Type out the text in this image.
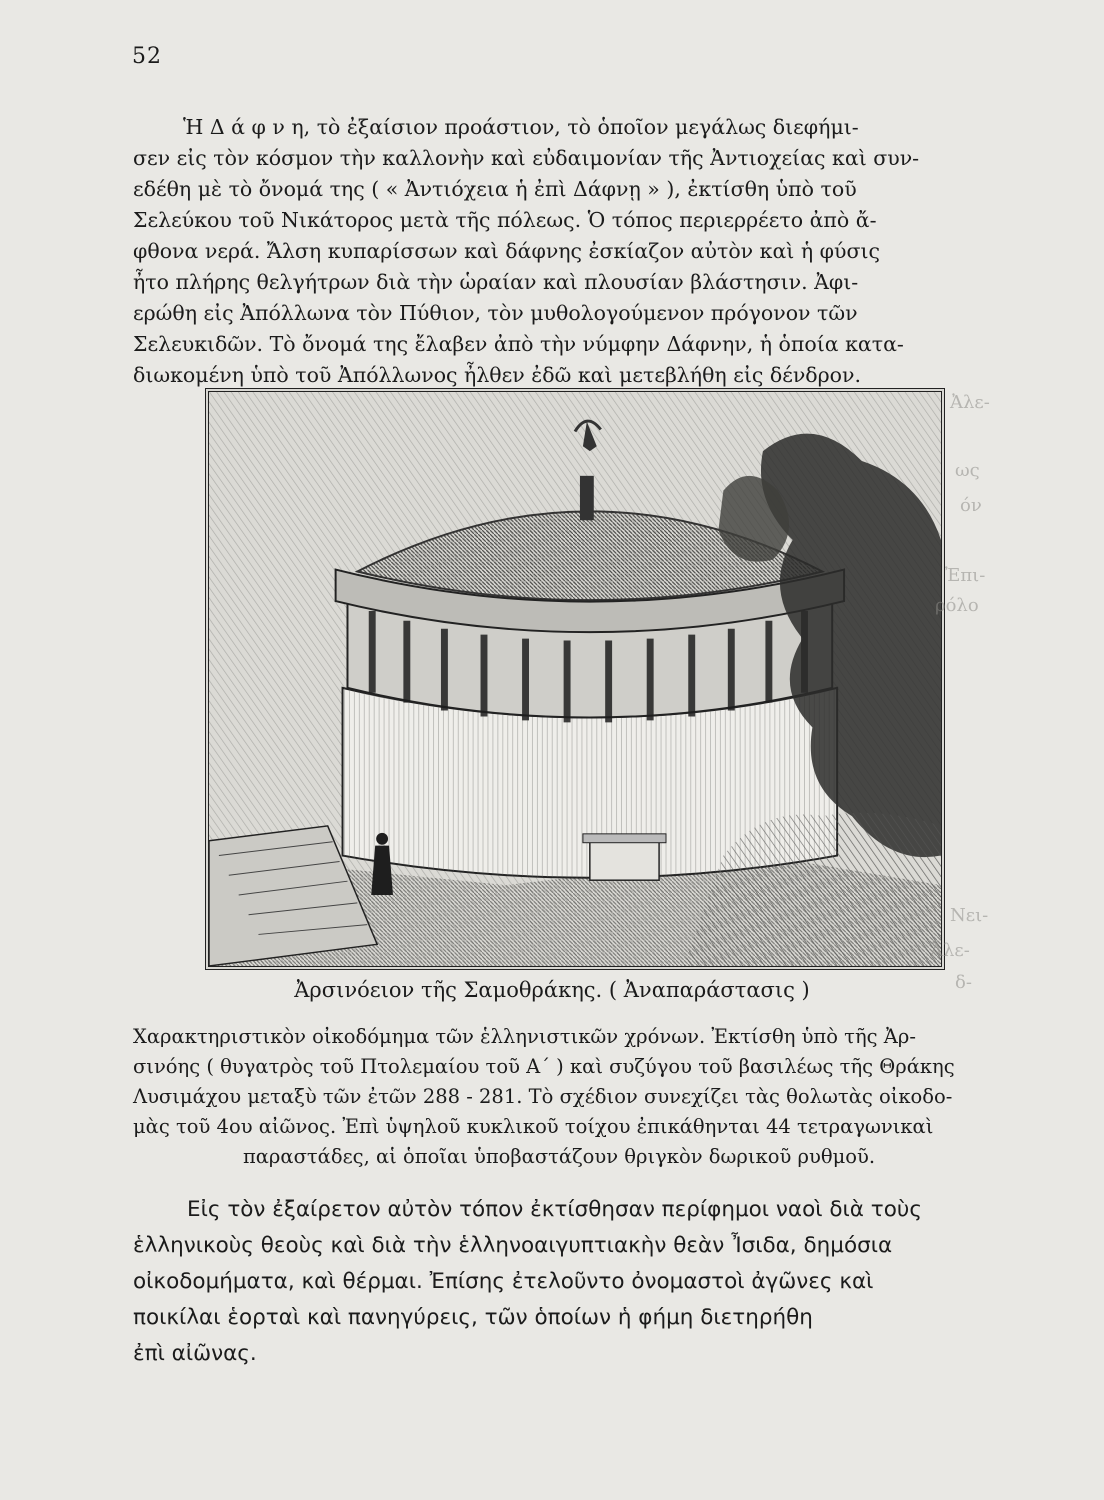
52
Ἡ Δ ά φ ν η, τὸ ἐξαίσιον προάστιον, τὸ ὁποῖον μεγάλως διεφήμι-
σεν εἰς τὸν κόσμον τὴν καλλονὴν καὶ εὐδαιμονίαν τῆς Ἀντιοχείας καὶ συν-
εδέθη μὲ τὸ ὄνομά της ( « Ἀντιόχεια ἡ ἐπὶ Δάφνῃ » ), ἐκτίσθη ὑπὸ τοῦ
Σελεύκου τοῦ Νικάτορος μετὰ τῆς πόλεως. Ὁ τόπος περιερρέετο ἀπὸ ἄ-
φθονα νερά. Ἄλση κυπαρίσσων καὶ δάφνης ἐσκίαζον αὐτὸν καὶ ἡ φύσις
ἦτο πλήρης θελγήτρων διὰ τὴν ὡραίαν καὶ πλουσίαν βλάστησιν. Ἀφι-
ερώθη εἰς Ἀπόλλωνα τὸν Πύθιον, τὸν μυθολογούμενον πρόγονον τῶν
Σελευκιδῶν. Τὸ ὄνομά της ἔλαβεν ἀπὸ τὴν νύμφην Δάφνην, ἡ ὁποία κατα-
διωκομένη ὑπὸ τοῦ Ἀπόλλωνος ἦλθεν ἐδῶ καὶ μετεβλήθη εἰς δένδρον.
Ἀρσινόειον τῆς Σαμοθράκης. ( Ἀναπαράστασις )
Χαρακτηριστικὸν οἰκοδόμημα τῶν ἑλληνιστικῶν χρόνων. Ἐκτίσθη ὑπὸ τῆς Ἀρ-
σινόης ( θυγατρὸς τοῦ Πτολεμαίου τοῦ Α΄ ) καὶ συζύγου τοῦ βασιλέως τῆς Θράκης
Λυσιμάχου μεταξὺ τῶν ἐτῶν 288 - 281. Τὸ σχέδιον συνεχίζει τὰς θολωτὰς οἰκοδο-
μὰς τοῦ 4ου αἰῶνος. Ἐπὶ ὑψηλοῦ κυκλικοῦ τοίχου ἐπικάθηνται 44 τετραγωνικαὶ
παραστάδες, αἱ ὁποῖαι ὑποβαστάζουν θριγκὸν δωρικοῦ ρυθμοῦ.
Εἰς τὸν ἐξαίρετον αὐτὸν τόπον ἐκτίσθησαν περίφημοι ναοὶ διὰ τοὺς
ἑλληνικοὺς θεοὺς καὶ διὰ τὴν ἑλληνοαιγυπτιακὴν θεὰν Ἶσιδα, δημόσια
οἰκοδομήματα, καὶ θέρμαι. Ἐπίσης ἐτελοῦντο ὀνομαστοὶ ἀγῶνες καὶ
ποικίλαι ἑορταὶ καὶ πανηγύρεις, τῶν ὁποίων ἡ φήμη διετηρήθη
ἐπὶ αἰῶνας.
Ἀλε-
ως
όν
Ἐπι-
ρόλο
Νει-
Ἀλε-
δ-
